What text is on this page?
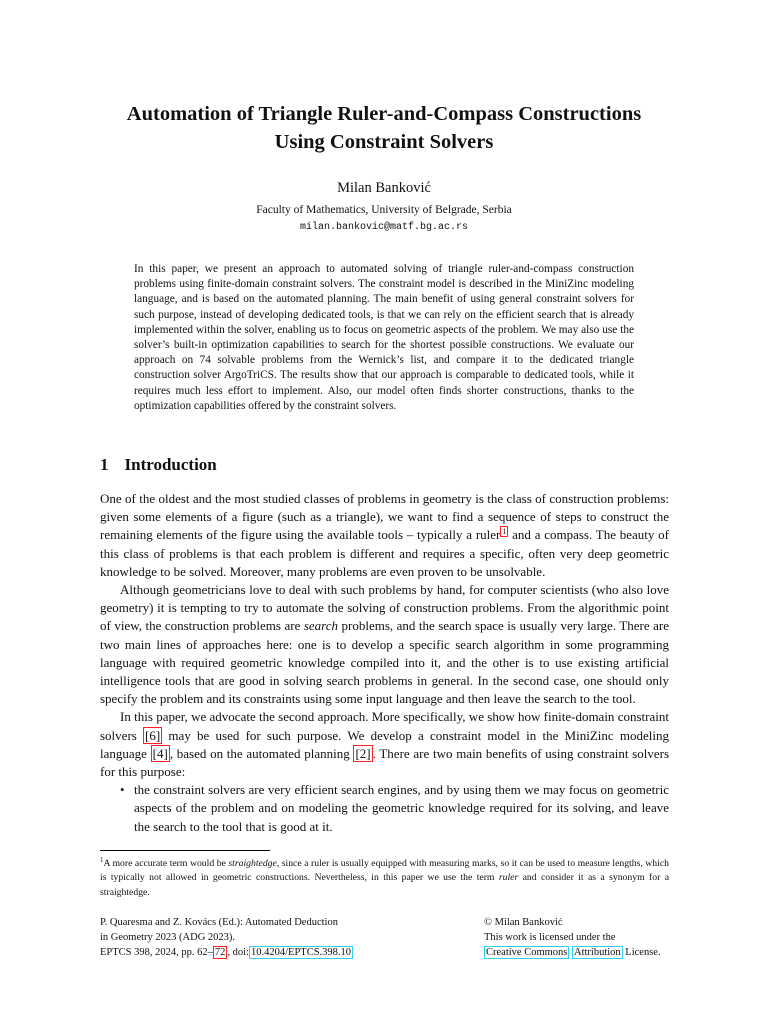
Automation of Triangle Ruler-and-Compass Constructions
Using Constraint Solvers
Milan Banković
Faculty of Mathematics, University of Belgrade, Serbia
milan.bankovic@matf.bg.ac.rs
In this paper, we present an approach to automated solving of triangle ruler-and-compass construction problems using finite-domain constraint solvers. The constraint model is described in the MiniZinc modeling language, and is based on the automated planning. The main benefit of using general constraint solvers for such purpose, instead of developing dedicated tools, is that we can rely on the efficient search that is already implemented within the solver, enabling us to focus on geometric aspects of the problem. We may also use the solver’s built-in optimization capabilities to search for the shortest possible constructions. We evaluate our approach on 74 solvable problems from the Wernick’s list, and compare it to the dedicated triangle construction solver ArgoTriCS. The results show that our approach is comparable to dedicated tools, while it requires much less effort to implement. Also, our model often finds shorter constructions, thanks to the optimization capabilities offered by the constraint solvers.
1 Introduction

One of the oldest and the most studied classes of problems in geometry is the class of construction problems: given some elements of a figure (such as a triangle), we want to find a sequence of steps to construct the remaining elements of the figure using the available tools – typically a ruler $^1$ and a compass. The beauty of this class of problems is that each problem is different and requires a specific, often very deep geometric knowledge to be solved. Moreover, many problems are even proven to be unsolvable.

Although geometricians love to deal with such problems by hand, for computer scientists (who also love geometry) it is tempting to try to automate the solving of construction problems. From the algorithmic point of view, the construction problems are search problems, and the search space is usually very large. There are two main lines of approaches here: one is to develop a specific search algorithm in some programming language with required geometric knowledge compiled into it, and the other is to use existing artificial intelligence tools that are good in solving search problems in general. In the second case, one should only specify the problem and its constraints using some input language and then leave the search to the tool.

In this paper, we advocate the second approach. More specifically, we show how finite-domain constraint solvers [6] may be used for such purpose. We develop a constraint model in the MiniZinc modeling language [4] , based on the automated planning [2] . There are two main benefits of using constraint solvers for this purpose:

• the constraint solvers are very efficient search engines, and by using them we may focus on geometric aspects of the problem and on modeling the geometric knowledge required for its solving, and leave the search to the tool that is good at it.
$^1$A more accurate term would be straightedge, since a ruler is usually equipped with measuring marks, so it can be used to measure lengths, which is typically not allowed in geometric constructions. Nevertheless, in this paper we use the term ruler and consider it as a synonym for a straightedge.
P. Quaresma and Z. Kovács (Ed.): Automated Deduction
in Geometry 2023 (ADG 2023).
EPTCS 398, 2024, pp. 62– 72 , doi: 10.4204/EPTCS.398.10
© Milan Banković
This work is licensed under the
Creative Commons Attribution License.
